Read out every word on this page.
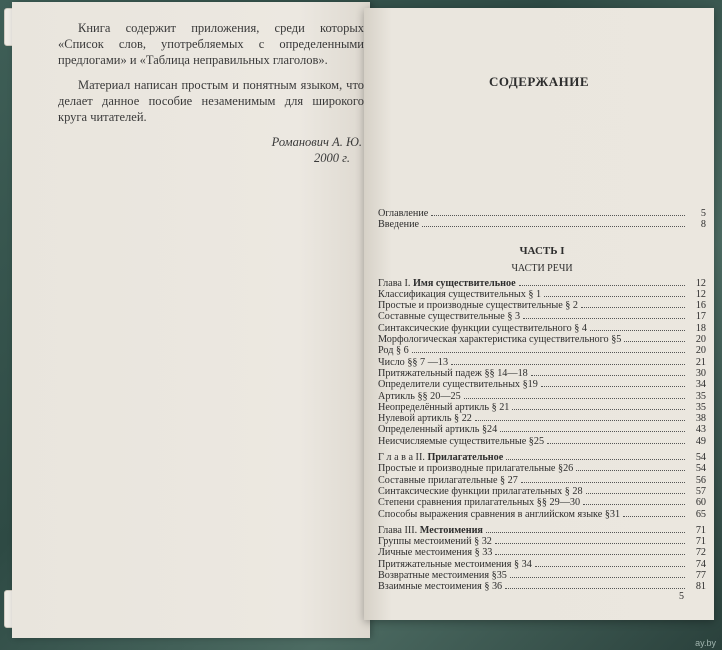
Книга содержит приложения, среди которых «Список слов, употребляемых с определенными предлогами» и «Таблица неправильных глаголов».

Материал написан простым и понятным языком, что делает данное пособие незаменимым для широкого круга читателей.

Романович А. Ю.
2000 г.
СОДЕРЖАНИЕ
Оглавление	5
Введение	8
ЧАСТЬ I
ЧАСТИ РЕЧИ
Глава I. Имя существительное	12
Классификация существительных § 1	12
Простые и производные существительные § 2	16
Составные существительные § 3	17
Синтаксические функции существительного § 4	18
Морфологическая характеристика существительного §5	20
Род § 6	20
Число §§ 7 —13	21
Притяжательный падеж §§ 14—18	30
Определители существительных §19	34
Артикль §§ 20—25	35
Неопределённый артикль § 21	35
Нулевой артикль § 22	38
Определенный артикль §24	43
Неисчисляемые существительные §25	49
Г л а в а II. Прилагательное	54
Простые и производные прилагательные §26	54
Составные прилагательные § 27	56
Синтаксические функции прилагательных § 28	57
Степени сравнения прилагательных §§ 29—30	60
Способы выражения сравнения в английском языке §31	65
Глава III. Местоимения	71
Группы местоимений § 32	71
Личные местоимения § 33	72
Притяжательные местоимения § 34	74
Возвратные местоимения §35	77
Взаимные местоимения § 36	81
5
ay.by
